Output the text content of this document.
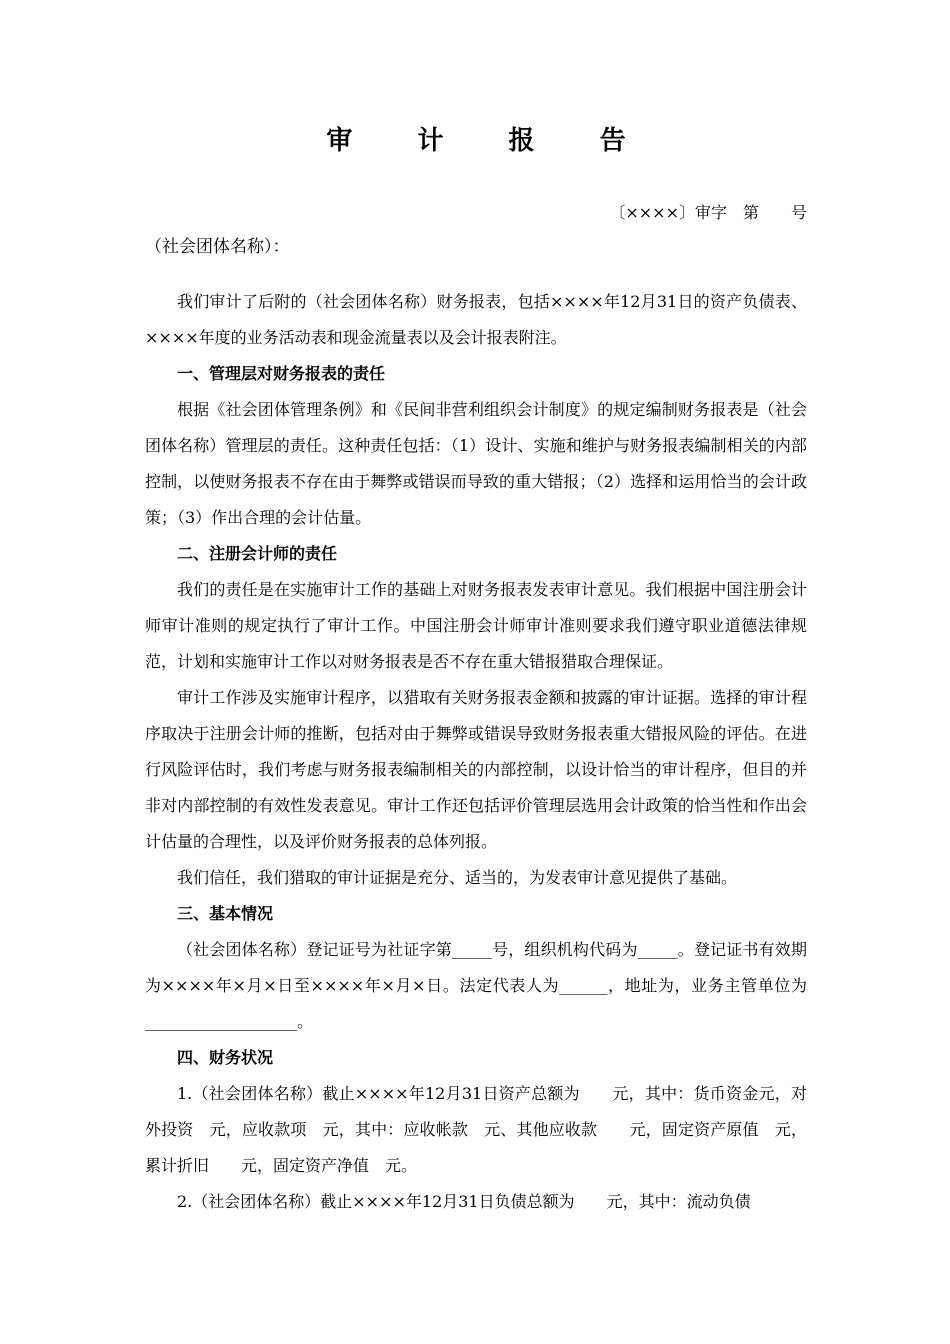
审 计 报 告
〔××××〕审字　第　　号
（社会团体名称）：

我们审计了后附的（社会团体名称）财务报表，包括××××年12月31日的资产负债表、××××年度的业务活动表和现金流量表以及会计报表附注。

一、管理层对财务报表的责任

根据《社会团体管理条例》和《民间非营利组织会计制度》的规定编制财务报表是（社会团体名称）管理层的责任。这种责任包括：（1）设计、实施和维护与财务报表编制相关的内部控制，以使财务报表不存在由于舞弊或错误而导致的重大错报；（2）选择和运用恰当的会计政策；（3）作出合理的会计估量。

二、注册会计师的责任

我们的责任是在实施审计工作的基础上对财务报表发表审计意见。我们根据中国注册会计师审计准则的规定执行了审计工作。中国注册会计师审计准则要求我们遵守职业道德法律规范，计划和实施审计工作以对财务报表是否不存在重大错报猎取合理保证。

审计工作涉及实施审计程序，以猎取有关财务报表金额和披露的审计证据。选择的审计程序取决于注册会计师的推断，包括对由于舞弊或错误导致财务报表重大错报风险的评估。在进行风险评估时，我们考虑与财务报表编制相关的内部控制，以设计恰当的审计程序，但目的并非对内部控制的有效性发表意见。审计工作还包括评价管理层选用会计政策的恰当性和作出会计估量的合理性，以及评价财务报表的总体列报。

我们信任，我们猎取的审计证据是充分、适当的，为发表审计意见提供了基础。

三、基本情况

（社会团体名称）登记证号为社证字第_____号，组织机构代码为_____。登记证书有效期为××××年×月×日至××××年×月×日。法定代表人为______，地址为，业务主管单位为___________________。

四、财务状况

1.（社会团体名称）截止××××年12月31日资产总额为　　元，其中：货币资金元，对外投资　元，应收款项　元，其中：应收帐款　元、其他应收款　　元，固定资产原值　元，累计折旧　　元，固定资产净值　元。

2.（社会团体名称）截止××××年12月31日负债总额为　　元，其中：流动负债
